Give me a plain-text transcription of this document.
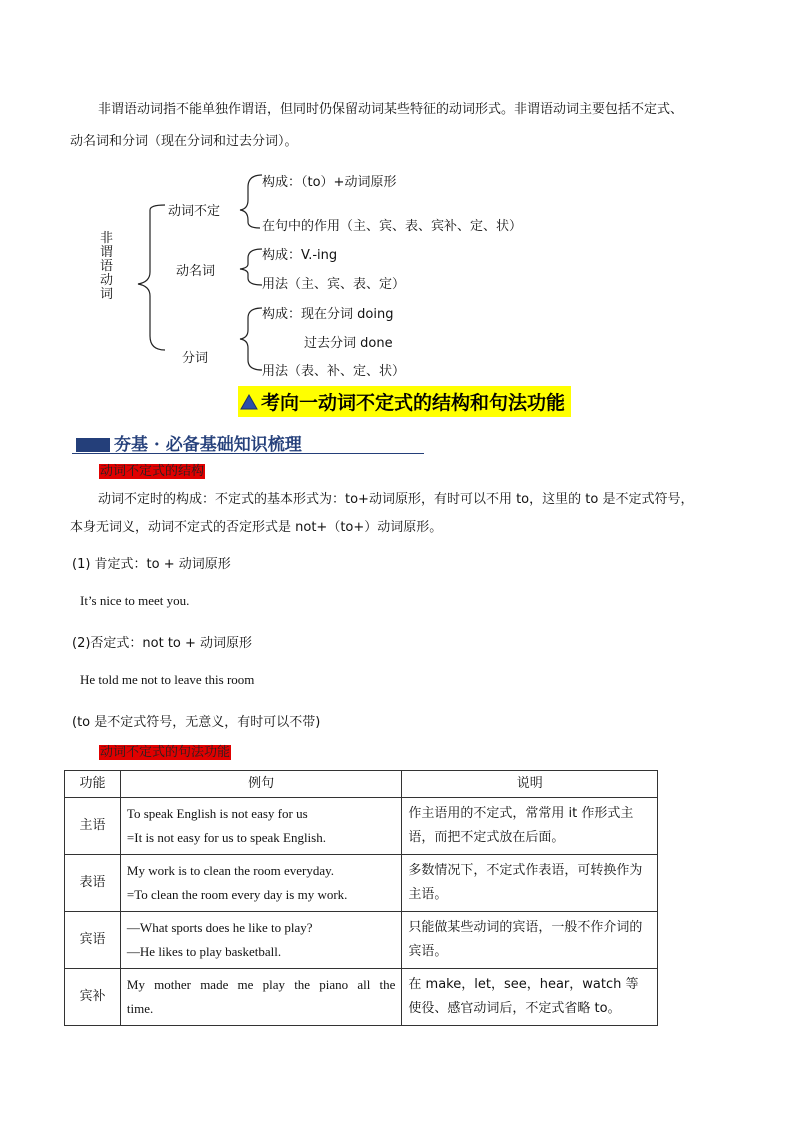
非谓语动词指不能单独作谓语，但同时仍保留动词某些特征的动词形式。非谓语动词主要包括不定式、
动名词和分词（现在分词和过去分词）。
非
谓
语
动
词
动词不定
构成：（to）+动词原形
在句中的作用（主、宾、表、宾补、定、状）
动名词
构成：V.-ing
用法（主、宾、表、定）
分词
构成：现在分词 doing
过去分词 done
用法（表、补、定、状）
考向一动词不定式的结构和句法功能
夯基 · 必备基础知识梳理
动词不定式的结构
动词不定时的构成：不定式的基本形式为：to+动词原形，有时可以不用 to，这里的 to 是不定式符号，
本身无词义，动词不定式的否定形式是 not+（to+）动词原形。
(1) 肯定式：to + 动词原形
It’s nice to meet you.
(2)否定式：not to + 动词原形
He told me not to leave this room
(to 是不定式符号，无意义，有时可以不带)
动词不定式的句法功能
功能	例句	说明
主语	To speak English is not easy for us
=It is not easy for us to speak English.	作主语用的不定式，常常用 it 作形式主语，而把不定式放在后面。
表语	My work is to clean the room everyday.
=To clean the room every day is my work.	多数情况下，不定式作表语，可转换作为主语。
宾语	—What sports does he like to play?
—He likes to play basketball.	只能做某些动词的宾语，一般不作介词的宾语。
宾补	My mother made me play the piano all the
time.	在 make，let，see，hear，watch 等使役、感官动词后，不定式省略 to。
